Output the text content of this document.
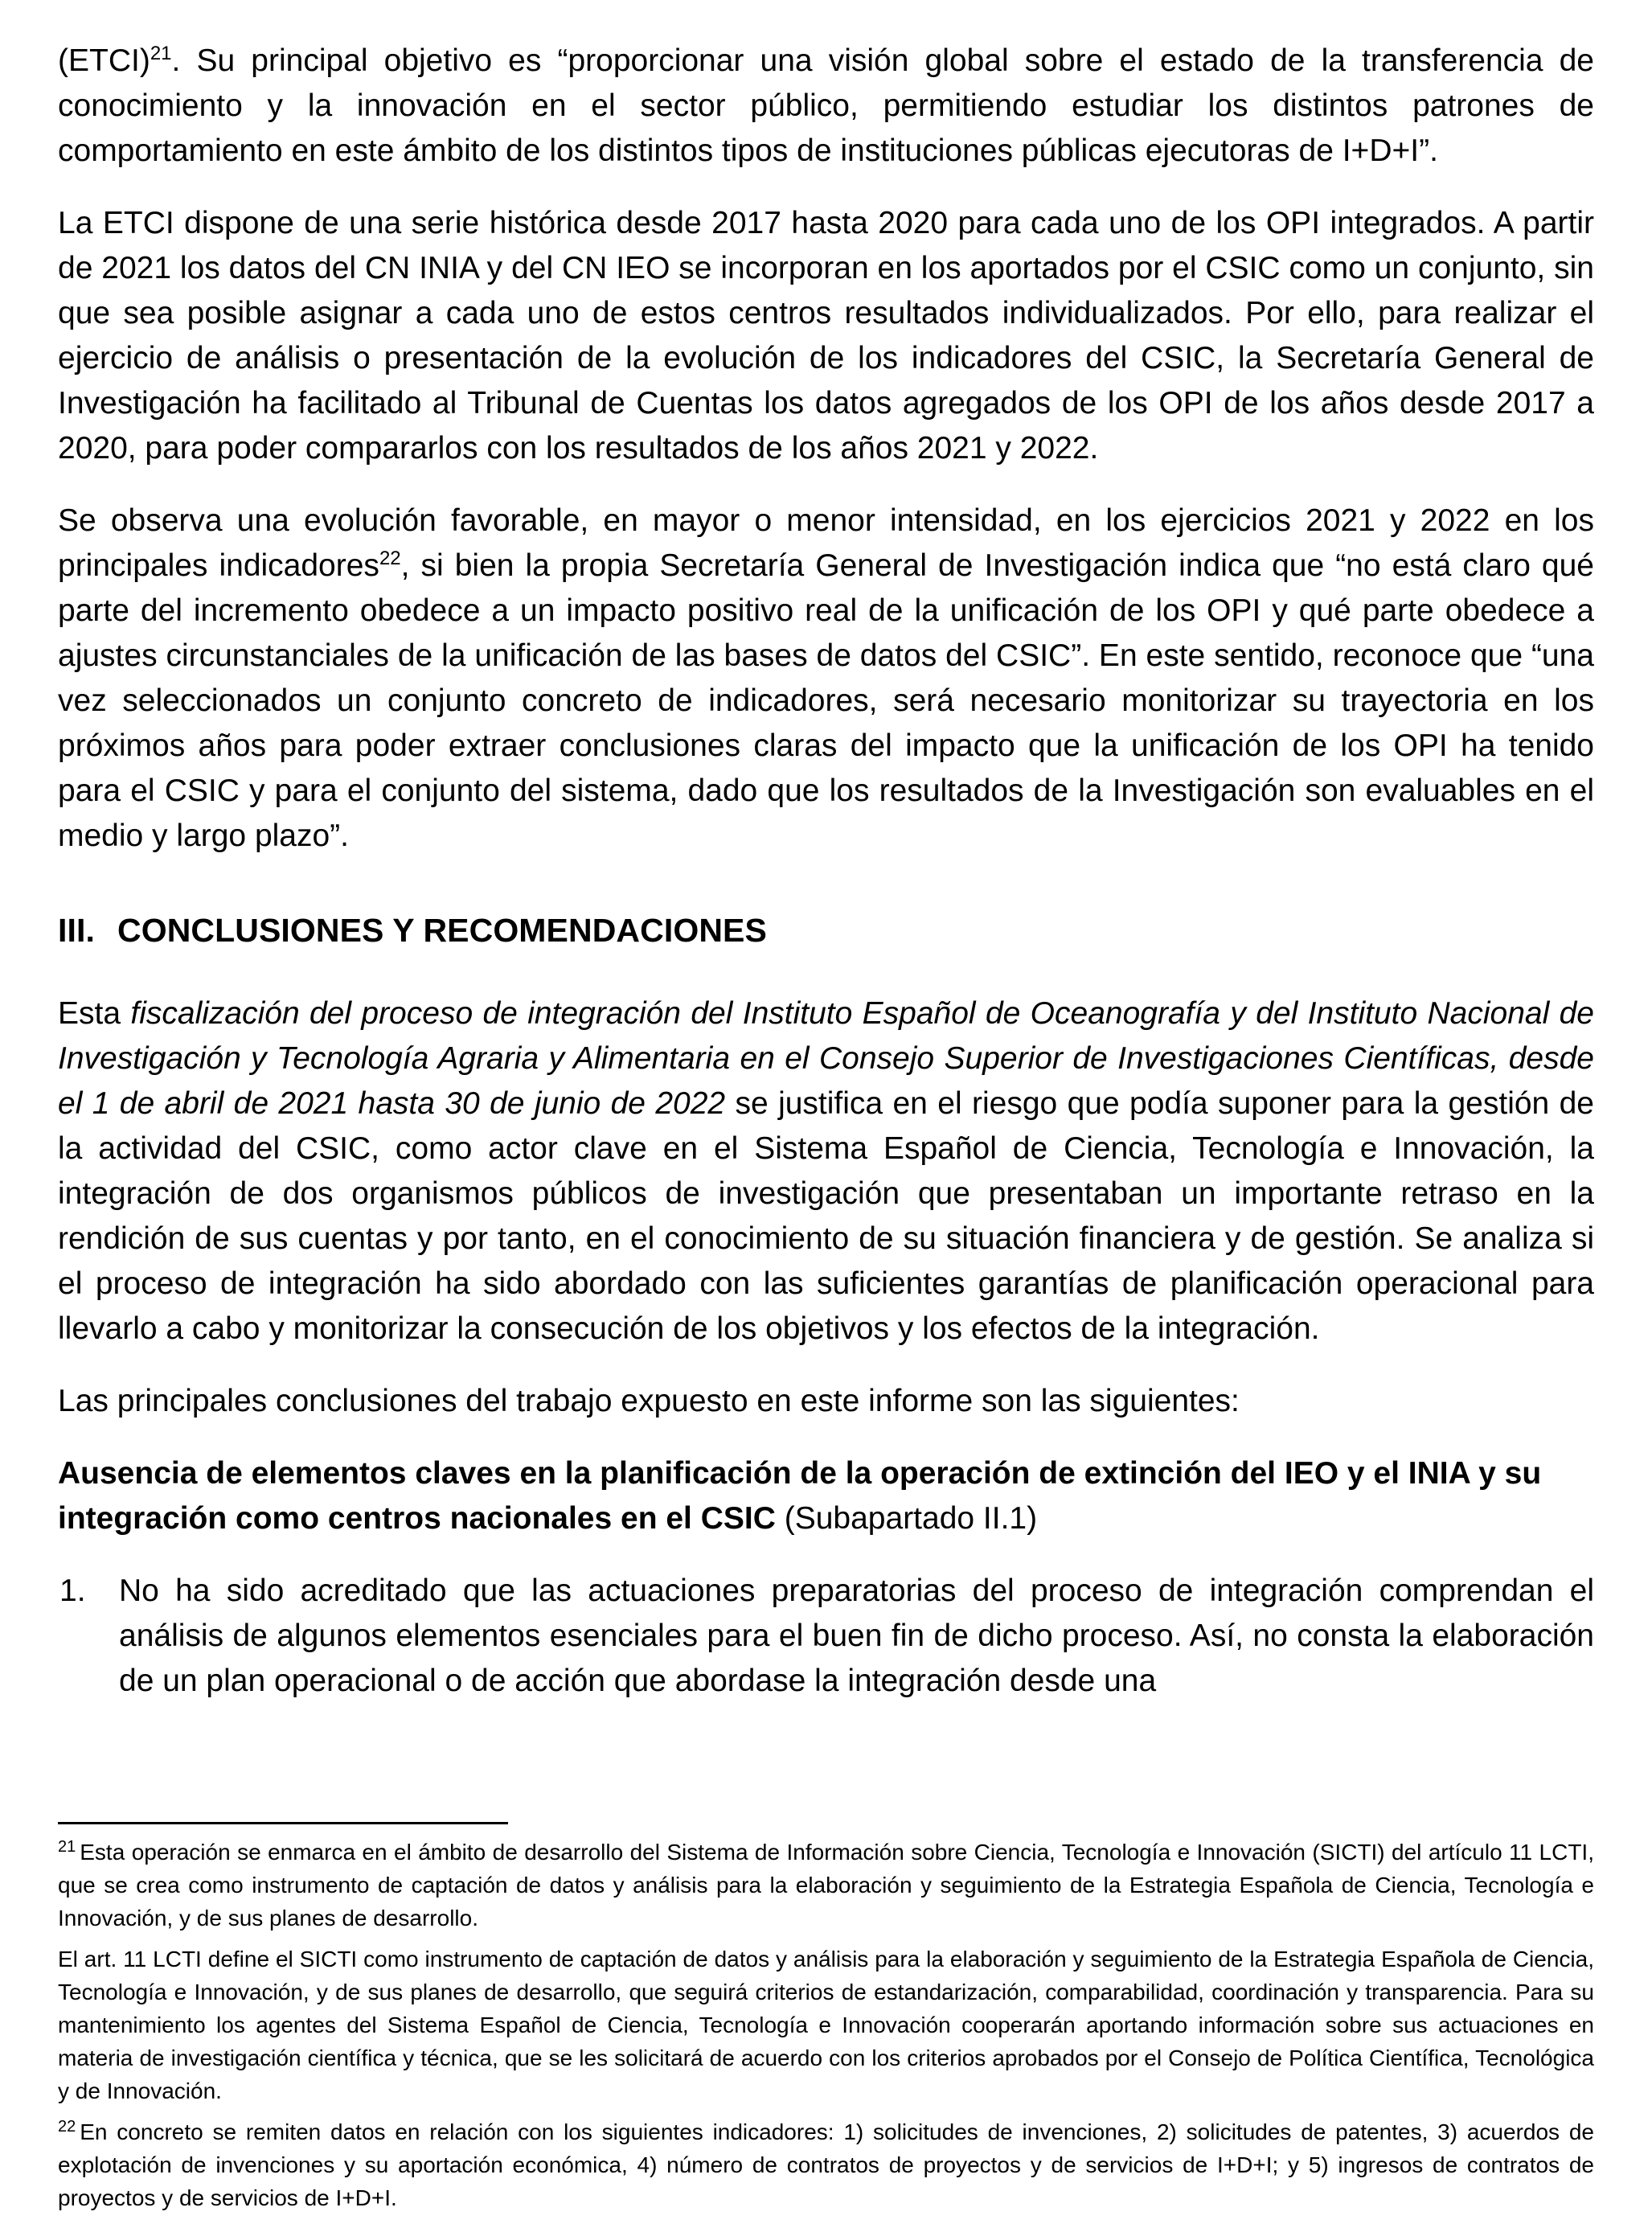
(ETCI)$^{21}$. Su principal objetivo es “proporcionar una visión global sobre el estado de la transferencia de conocimiento y la innovación en el sector público, permitiendo estudiar los distintos patrones de comportamiento en este ámbito de los distintos tipos de instituciones públicas ejecutoras de I+D+I”.

La ETCI dispone de una serie histórica desde 2017 hasta 2020 para cada uno de los OPI integrados. A partir de 2021 los datos del CN INIA y del CN IEO se incorporan en los aportados por el CSIC como un conjunto, sin que sea posible asignar a cada uno de estos centros resultados individualizados. Por ello, para realizar el ejercicio de análisis o presentación de la evolución de los indicadores del CSIC, la Secretaría General de Investigación ha facilitado al Tribunal de Cuentas los datos agregados de los OPI de los años desde 2017 a 2020, para poder compararlos con los resultados de los años 2021 y 2022.

Se observa una evolución favorable, en mayor o menor intensidad, en los ejercicios 2021 y 2022 en los principales indicadores$^{22}$, si bien la propia Secretaría General de Investigación indica que “no está claro qué parte del incremento obedece a un impacto positivo real de la unificación de los OPI y qué parte obedece a ajustes circunstanciales de la unificación de las bases de datos del CSIC”. En este sentido, reconoce que “una vez seleccionados un conjunto concreto de indicadores, será necesario monitorizar su trayectoria en los próximos años para poder extraer conclusiones claras del impacto que la unificación de los OPI ha tenido para el CSIC y para el conjunto del sistema, dado que los resultados de la Investigación son evaluables en el medio y largo plazo”.

III. CONCLUSIONES Y RECOMENDACIONES

Esta fiscalización del proceso de integración del Instituto Español de Oceanografía y del Instituto Nacional de Investigación y Tecnología Agraria y Alimentaria en el Consejo Superior de Investigaciones Científicas, desde el 1 de abril de 2021 hasta 30 de junio de 2022 se justifica en el riesgo que podía suponer para la gestión de la actividad del CSIC, como actor clave en el Sistema Español de Ciencia, Tecnología e Innovación, la integración de dos organismos públicos de investigación que presentaban un importante retraso en la rendición de sus cuentas y por tanto, en el conocimiento de su situación financiera y de gestión. Se analiza si el proceso de integración ha sido abordado con las suficientes garantías de planificación operacional para llevarlo a cabo y monitorizar la consecución de los objetivos y los efectos de la integración.

Las principales conclusiones del trabajo expuesto en este informe son las siguientes:

Ausencia de elementos claves en la planificación de la operación de extinción del IEO y el INIA y su integración como centros nacionales en el CSIC (Subapartado II.1)

1.	No ha sido acreditado que las actuaciones preparatorias del proceso de integración comprendan el análisis de algunos elementos esenciales para el buen fin de dicho proceso. Así, no consta la elaboración de un plan operacional o de acción que abordase la integración desde una

$^{21}$ Esta operación se enmarca en el ámbito de desarrollo del Sistema de Información sobre Ciencia, Tecnología e Innovación (SICTI) del artículo 11 LCTI, que se crea como instrumento de captación de datos y análisis para la elaboración y seguimiento de la Estrategia Española de Ciencia, Tecnología e Innovación, y de sus planes de desarrollo.

El art. 11 LCTI define el SICTI como instrumento de captación de datos y análisis para la elaboración y seguimiento de la Estrategia Española de Ciencia, Tecnología e Innovación, y de sus planes de desarrollo, que seguirá criterios de estandarización, comparabilidad, coordinación y transparencia. Para su mantenimiento los agentes del Sistema Español de Ciencia, Tecnología e Innovación cooperarán aportando información sobre sus actuaciones en materia de investigación científica y técnica, que se les solicitará de acuerdo con los criterios aprobados por el Consejo de Política Científica, Tecnológica y de Innovación.

$^{22}$ En concreto se remiten datos en relación con los siguientes indicadores: 1) solicitudes de invenciones, 2) solicitudes de patentes, 3) acuerdos de explotación de invenciones y su aportación económica, 4) número de contratos de proyectos y de servicios de I+D+I; y 5) ingresos de contratos de proyectos y de servicios de I+D+I.
